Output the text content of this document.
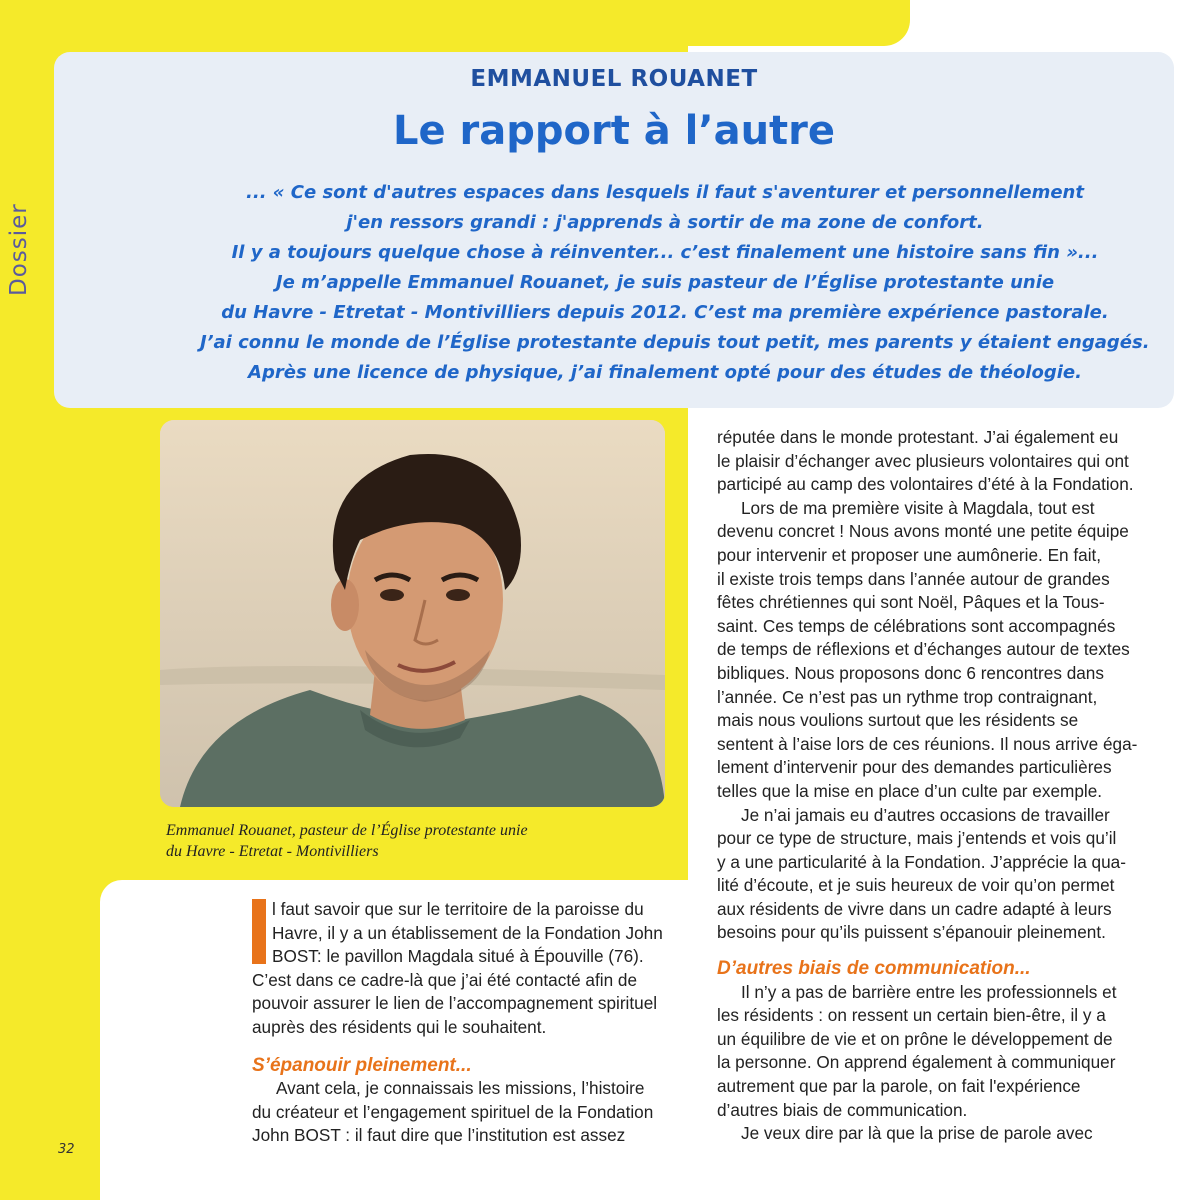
Dossier
EMMANUEL ROUANET
Le rapport à l’autre
... « Ce sont d'autres espaces dans lesquels il faut s'aventurer et personnellement
j'en ressors grandi : j'apprends à sortir de ma zone de confort.
Il y a toujours quelque chose à réinventer... c’est finalement une histoire sans fin »...
Je m’appelle Emmanuel Rouanet, je suis pasteur de l’Église protestante unie
du Havre - Etretat - Montivilliers depuis 2012. C’est ma première expérience pastorale.
J’ai connu le monde de l’Église protestante depuis tout petit, mes parents y étaient engagés.
Après une licence de physique, j’ai finalement opté pour des études de théologie.
Emmanuel Rouanet, pasteur de l’Église protestante unie
du Havre - Etretat - Montivilliers
l faut savoir que sur le territoire de la paroisse du
Havre, il y a un établissement de la Fondation John
BOST: le pavillon Magdala situé à Épouville (76).
C’est dans ce cadre-là que j’ai été contacté afin de
pouvoir assurer le lien de l’accompagnement spirituel
auprès des résidents qui le souhaitent.
S’épanouir pleinement...
Avant cela, je connaissais les missions, l’histoire
du créateur et l’engagement spirituel de la Fondation
John BOST : il faut dire que l’institution est assez
réputée dans le monde protestant. J’ai également eu
le plaisir d’échanger avec plusieurs volontaires qui ont
participé au camp des volontaires d’été à la Fondation.
Lors de ma première visite à Magdala, tout est
devenu concret ! Nous avons monté une petite équipe
pour intervenir et proposer une aumônerie. En fait,
il existe trois temps dans l’année autour de grandes
fêtes chrétiennes qui sont Noël, Pâques et la Tous-
saint. Ces temps de célébrations sont accompagnés
de temps de réflexions et d’échanges autour de textes
bibliques. Nous proposons donc 6 rencontres dans
l’année. Ce n’est pas un rythme trop contraignant,
mais nous voulions surtout que les résidents se
sentent à l’aise lors de ces réunions. Il nous arrive éga-
lement d’intervenir pour des demandes particulières
telles que la mise en place d’un culte par exemple.
Je n’ai jamais eu d’autres occasions de travailler
pour ce type de structure, mais j’entends et vois qu’il
y a une particularité à la Fondation. J’apprécie la qua-
lité d’écoute, et je suis heureux de voir qu’on permet
aux résidents de vivre dans un cadre adapté à leurs
besoins pour qu’ils puissent s’épanouir pleinement.
D’autres biais de communication...
Il n’y a pas de barrière entre les professionnels et
les résidents : on ressent un certain bien-être, il y a
un équilibre de vie et on prône le développement de
la personne. On apprend également à communiquer
autrement que par la parole, on fait l'expérience
d’autres biais de communication.
Je veux dire par là que la prise de parole avec
32
